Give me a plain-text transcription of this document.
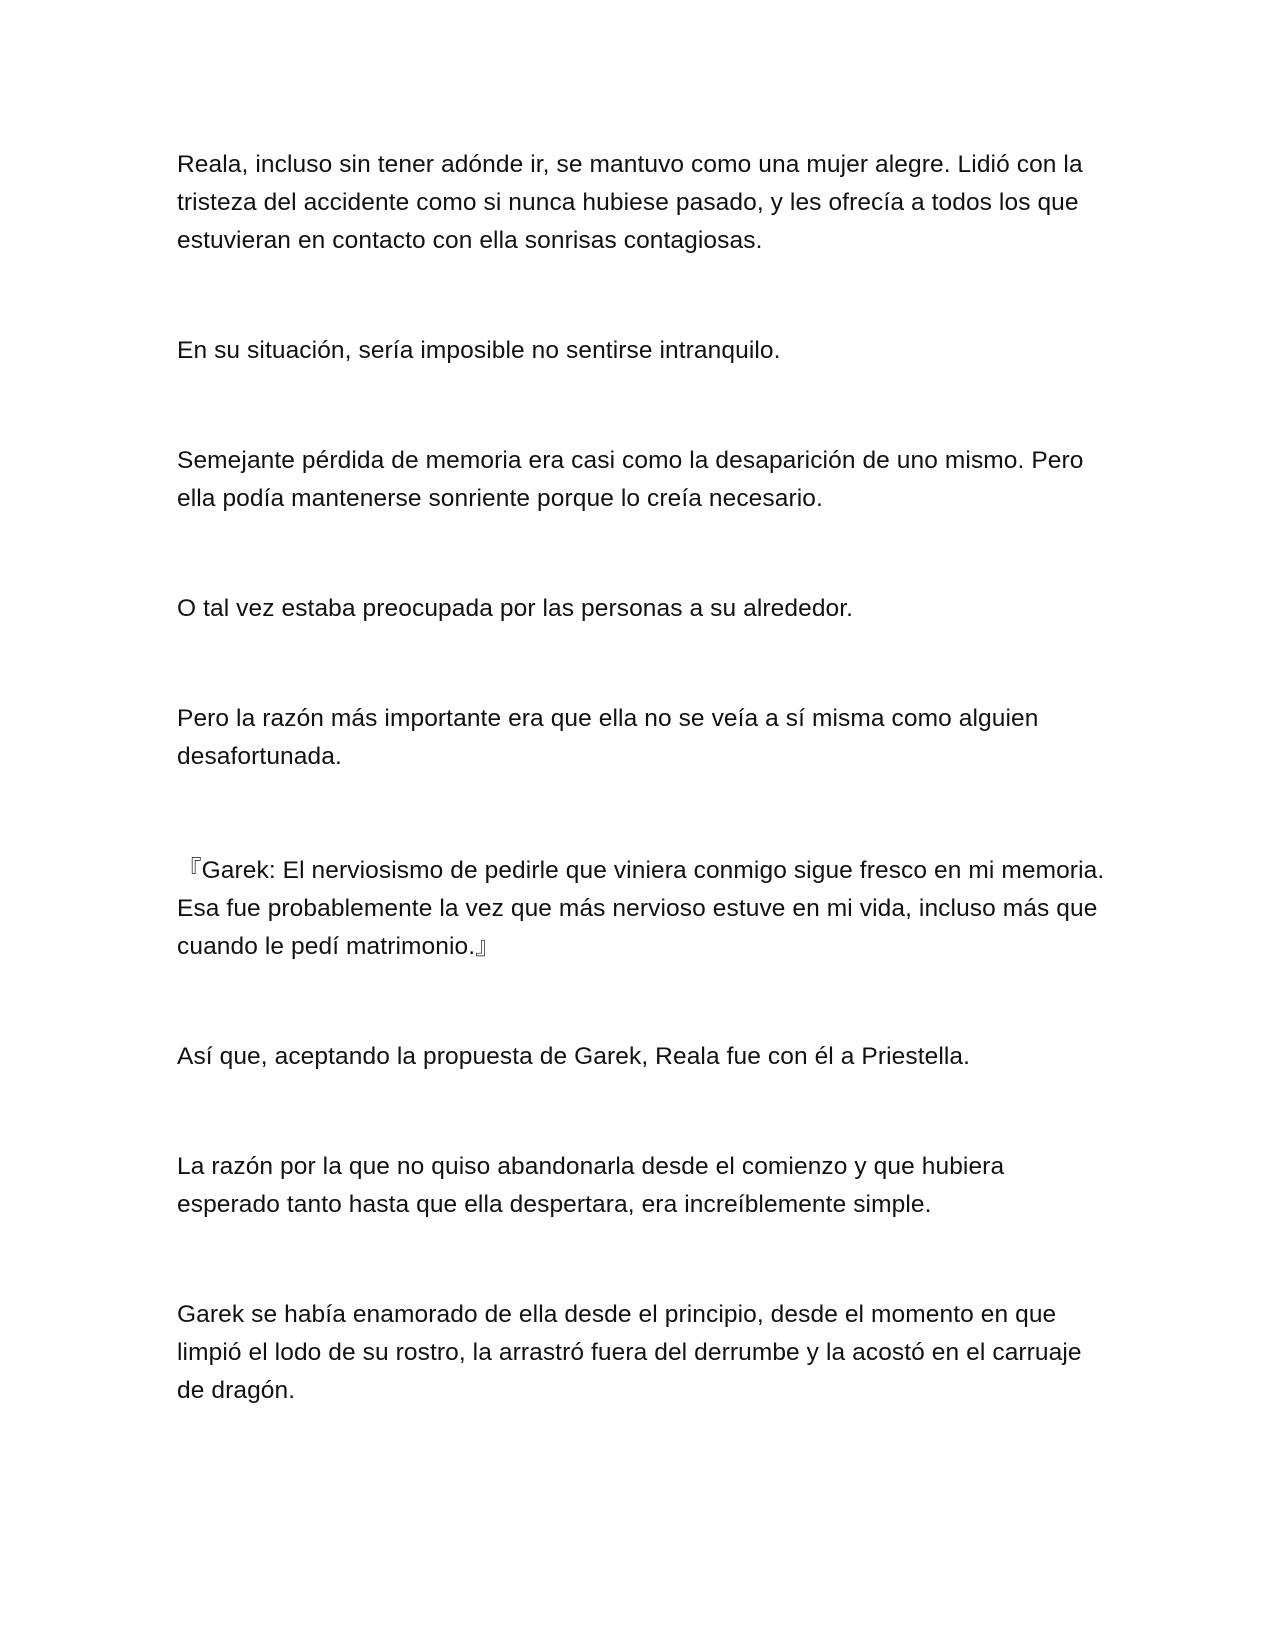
Reala, incluso sin tener adónde ir, se mantuvo como una mujer alegre. Lidió con la tristeza del accidente como si nunca hubiese pasado, y les ofrecía a todos los que estuvieran en contacto con ella sonrisas contagiosas.

En su situación, sería imposible no sentirse intranquilo.

Semejante pérdida de memoria era casi como la desaparición de uno mismo. Pero ella podía mantenerse sonriente porque lo creía necesario.

O tal vez estaba preocupada por las personas a su alrededor.

Pero la razón más importante era que ella no se veía a sí misma como alguien desafortunada.

『Garek: El nerviosismo de pedirle que viniera conmigo sigue fresco en mi memoria. Esa fue probablemente la vez que más nervioso estuve en mi vida, incluso más que cuando le pedí matrimonio.』

Así que, aceptando la propuesta de Garek, Reala fue con él a Priestella.

La razón por la que no quiso abandonarla desde el comienzo y que hubiera esperado tanto hasta que ella despertara, era increíblemente simple.

Garek se había enamorado de ella desde el principio, desde el momento en que limpió el lodo de su rostro, la arrastró fuera del derrumbe y la acostó en el carruaje de dragón.
